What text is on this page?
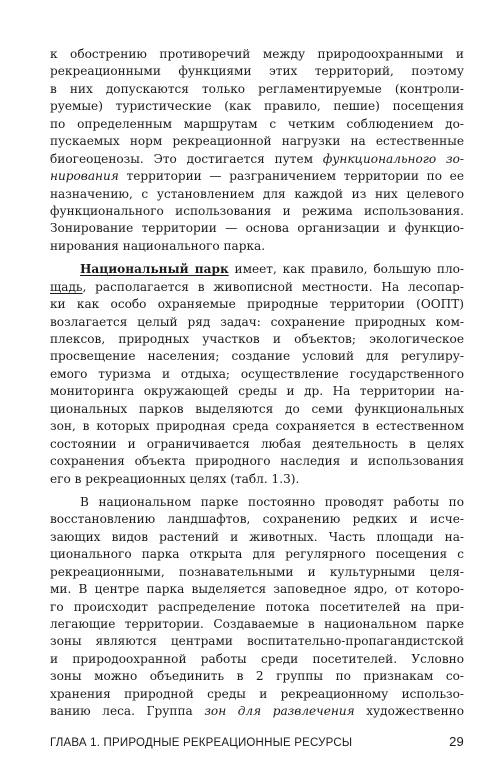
к обострению противоречий между природоохранными и
рекреационными функциями этих территорий, поэтому
в них допускаются только регламентируемые (контроли-
руемые) туристические (как правило, пешие) посещения
по определенным маршрутам с четким соблюдением до-
пускаемых норм рекреационной нагрузки на естественные
биогеоценозы. Это достигается путем функционального зо-
нирования территории — разграничением территории по ее
назначению, с установлением для каждой из них целевого
функционального использования и режима использования.
Зонирование территории — основа организации и функцио-
нирования национального парка.
Национальный парк имеет, как правило, большую пло-
щадь, располагается в живописной местности. На лесопар-
ки как особо охраняемые природные территории (ООПТ)
возлагается целый ряд задач: сохранение природных ком-
плексов, природных участков и объектов; экологическое
просвещение населения; создание условий для регулиру-
емого туризма и отдыха; осуществление государственного
мониторинга окружающей среды и др. На территории на-
циональных парков выделяются до семи функциональных
зон, в которых природная среда сохраняется в естественном
состоянии и ограничивается любая деятельность в целях
сохранения объекта природного наследия и использования
его в рекреационных целях (табл. 1.3).
В национальном парке постоянно проводят работы по
восстановлению ландшафтов, сохранению редких и исче-
зающих видов растений и животных. Часть площади на-
ционального парка открыта для регулярного посещения с
рекреационными, познавательными и культурными целя-
ми. В центре парка выделяется заповедное ядро, от которо-
го происходит распределение потока посетителей на при-
легающие территории. Создаваемые в национальном парке
зоны являются центрами воспитательно-пропагандистской
и природоохранной работы среди посетителей. Условно
зоны можно объединить в 2 группы по признакам со-
хранения природной среды и рекреационному использо-
ванию леса. Группа зон для развлечения художественно
ГЛАВА 1. ПРИРОДНЫЕ РЕКРЕАЦИОННЫЕ РЕСУРСЫ	29
